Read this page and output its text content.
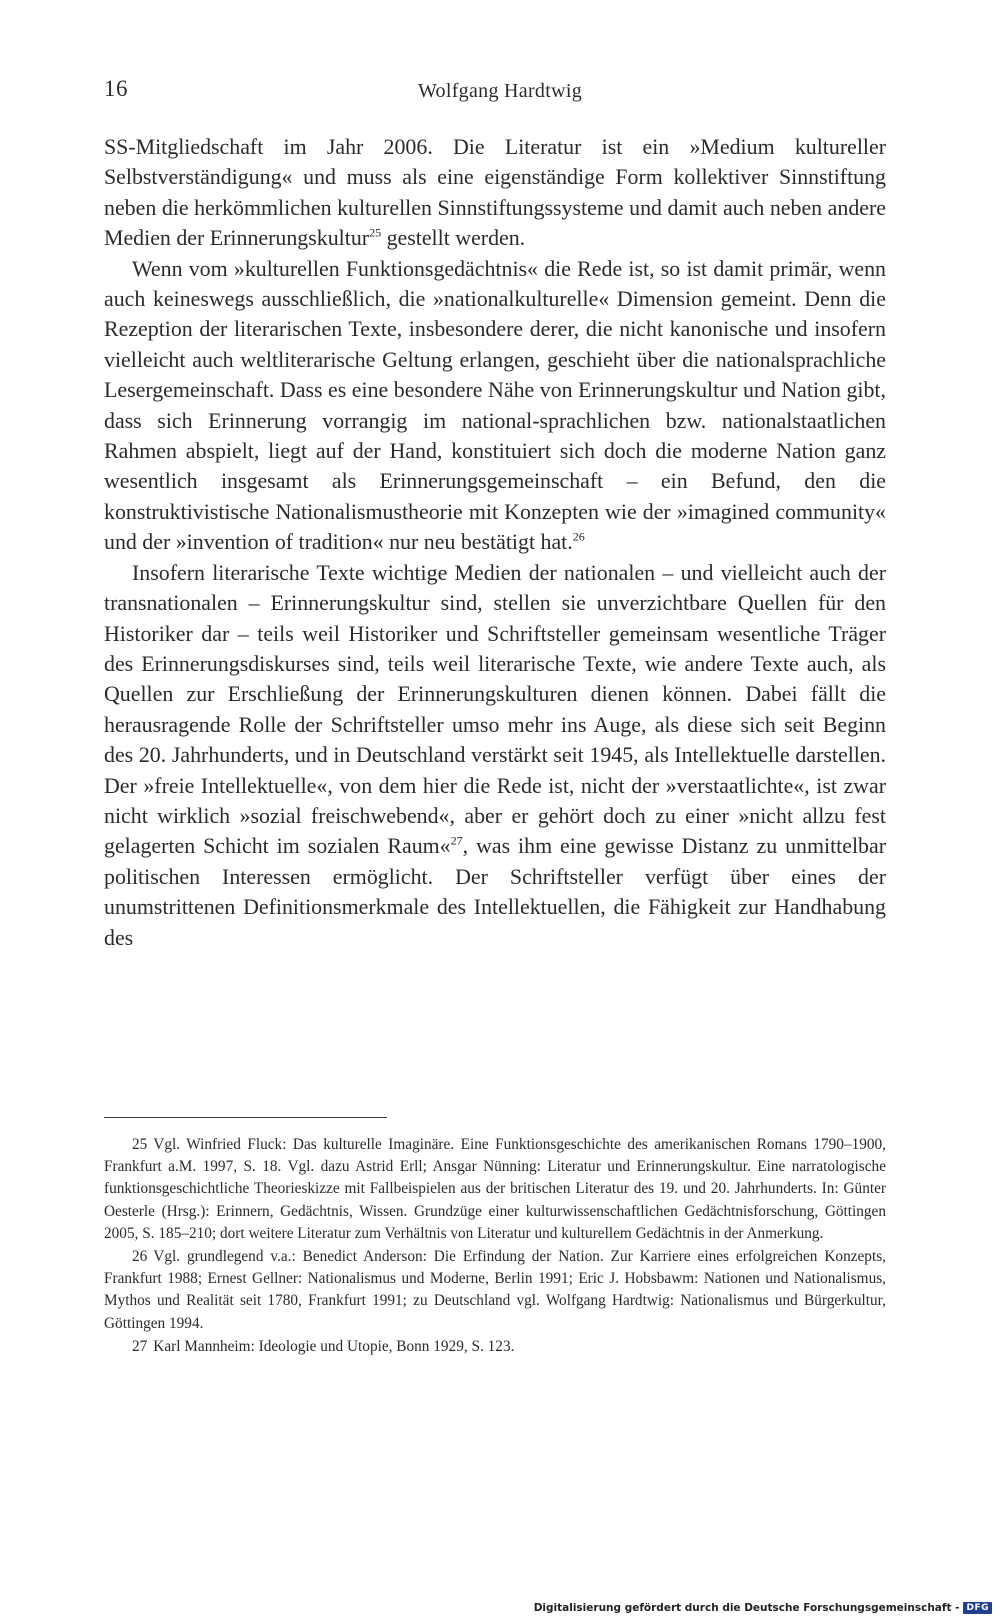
16	Wolfgang Hardtwig

SS-Mitgliedschaft im Jahr 2006. Die Literatur ist ein »Medium kultureller Selbstverständigung« und muss als eine eigenständige Form kollektiver Sinnstiftung neben die herkömmlichen kulturellen Sinnstiftungssysteme und damit auch neben andere Medien der Erinnerungskultur$^{25}$ gestellt werden.

Wenn vom »kulturellen Funktionsgedächtnis« die Rede ist, so ist damit primär, wenn auch keineswegs ausschließlich, die »nationalkulturelle« Dimension gemeint. Denn die Rezeption der literarischen Texte, insbesondere derer, die nicht kanonische und insofern vielleicht auch weltliterarische Geltung erlangen, geschieht über die nationalsprachliche Lesergemeinschaft. Dass es eine besondere Nähe von Erinnerungskultur und Nation gibt, dass sich Erinnerung vorrangig im national-sprachlichen bzw. nationalstaatlichen Rahmen abspielt, liegt auf der Hand, konstituiert sich doch die moderne Nation ganz wesentlich insgesamt als Erinnerungsgemeinschaft – ein Befund, den die konstruktivistische Nationalismustheorie mit Konzepten wie der »imagined community« und der »invention of tradition« nur neu bestätigt hat.$^{26}$

Insofern literarische Texte wichtige Medien der nationalen – und vielleicht auch der transnationalen – Erinnerungskultur sind, stellen sie unverzichtbare Quellen für den Historiker dar – teils weil Historiker und Schriftsteller gemeinsam wesentliche Träger des Erinnerungsdiskurses sind, teils weil literarische Texte, wie andere Texte auch, als Quellen zur Erschließung der Erinnerungskulturen dienen können. Dabei fällt die herausragende Rolle der Schriftsteller umso mehr ins Auge, als diese sich seit Beginn des 20. Jahrhunderts, und in Deutschland verstärkt seit 1945, als Intellektuelle darstellen. Der »freie Intellektuelle«, von dem hier die Rede ist, nicht der »verstaatlichte«, ist zwar nicht wirklich »sozial freischwebend«, aber er gehört doch zu einer »nicht allzu fest gelagerten Schicht im sozialen Raum«$^{27}$, was ihm eine gewisse Distanz zu unmittelbar politischen Interessen ermöglicht. Der Schriftsteller verfügt über eines der unumstrittenen Definitionsmerkmale des Intellektuellen, die Fähigkeit zur Handhabung des

25 Vgl. Winfried Fluck: Das kulturelle Imaginäre. Eine Funktionsgeschichte des amerikanischen Romans 1790–1900, Frankfurt a.M. 1997, S. 18. Vgl. dazu Astrid Erll; Ansgar Nünning: Literatur und Erinnerungskultur. Eine narratologische funktionsgeschichtliche Theorieskizze mit Fallbeispielen aus der britischen Literatur des 19. und 20. Jahrhunderts. In: Günter Oesterle (Hrsg.): Erinnern, Gedächtnis, Wissen. Grundzüge einer kulturwissenschaftlichen Gedächtnisforschung, Göttingen 2005, S. 185–210; dort weitere Literatur zum Verhältnis von Literatur und kulturellem Gedächtnis in der Anmerkung.

26 Vgl. grundlegend v.a.: Benedict Anderson: Die Erfindung der Nation. Zur Karriere eines erfolgreichen Konzepts, Frankfurt 1988; Ernest Gellner: Nationalismus und Moderne, Berlin 1991; Eric J. Hobsbawm: Nationen und Nationalismus, Mythos und Realität seit 1780, Frankfurt 1991; zu Deutschland vgl. Wolfgang Hardtwig: Nationalismus und Bürgerkultur, Göttingen 1994.

27 Karl Mannheim: Ideologie und Utopie, Bonn 1929, S. 123.

Digitalisierung gefördert durch die Deutsche Forschungsgemeinschaft - DFG
